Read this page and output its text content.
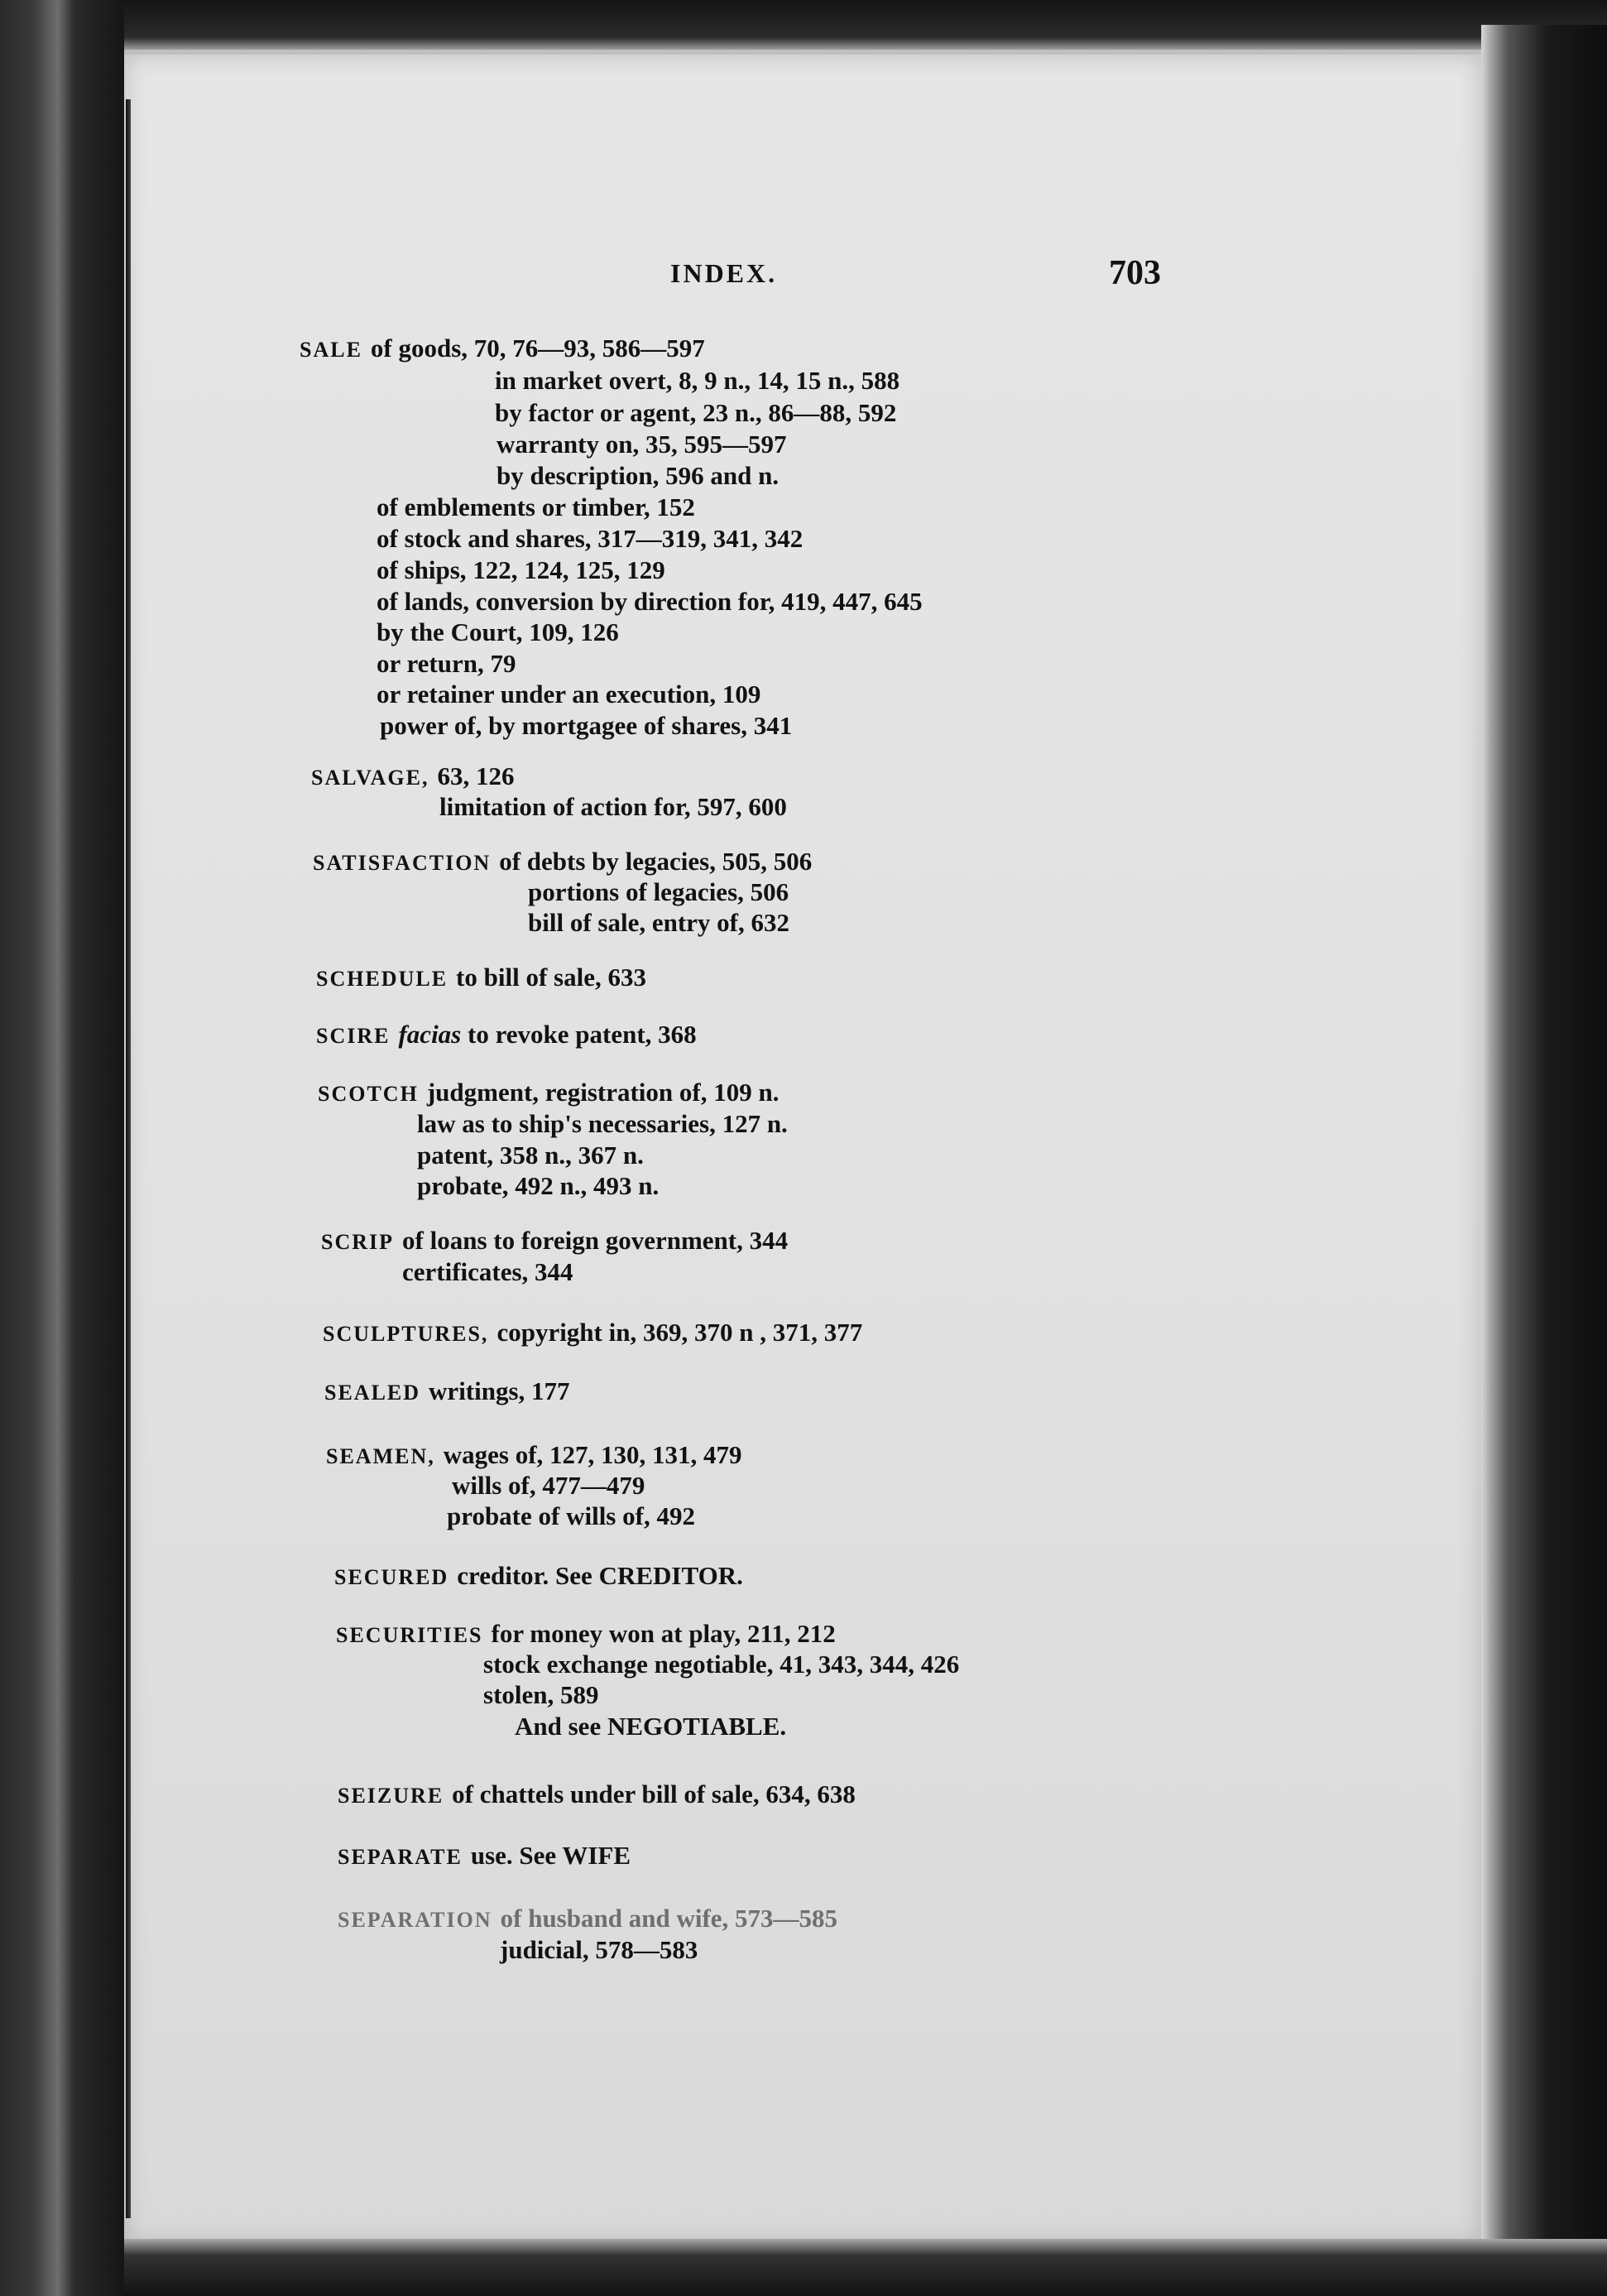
INDEX.	703
SALE of goods, 70, 76—93, 586—597
in market overt, 8, 9 n., 14, 15 n., 588
by factor or agent, 23 n., 86—88, 592
warranty on, 35, 595—597
by description, 596 and n.
of emblements or timber, 152
of stock and shares, 317—319, 341, 342
of ships, 122, 124, 125, 129
of lands, conversion by direction for, 419, 447, 645
by the Court, 109, 126
or return, 79
or retainer under an execution, 109
power of, by mortgagee of shares, 341
SALVAGE, 63, 126
limitation of action for, 597, 600
SATISFACTION of debts by legacies, 505, 506
portions of legacies, 506
bill of sale, entry of, 632
SCHEDULE to bill of sale, 633
SCIRE facias to revoke patent, 368
SCOTCH judgment, registration of, 109 n.
law as to ship's necessaries, 127 n.
patent, 358 n., 367 n.
probate, 492 n., 493 n.
SCRIP of loans to foreign government, 344
certificates, 344
SCULPTURES, copyright in, 369, 370 n , 371, 377
SEALED writings, 177
SEAMEN, wages of, 127, 130, 131, 479
wills of, 477—479
probate of wills of, 492
SECURED creditor. See CREDITOR.
SECURITIES for money won at play, 211, 212
stock exchange negotiable, 41, 343, 344, 426
stolen, 589
And see NEGOTIABLE.
SEIZURE of chattels under bill of sale, 634, 638
SEPARATE use. See WIFE
SEPARATION of husband and wife, 573—585
judicial, 578—583
